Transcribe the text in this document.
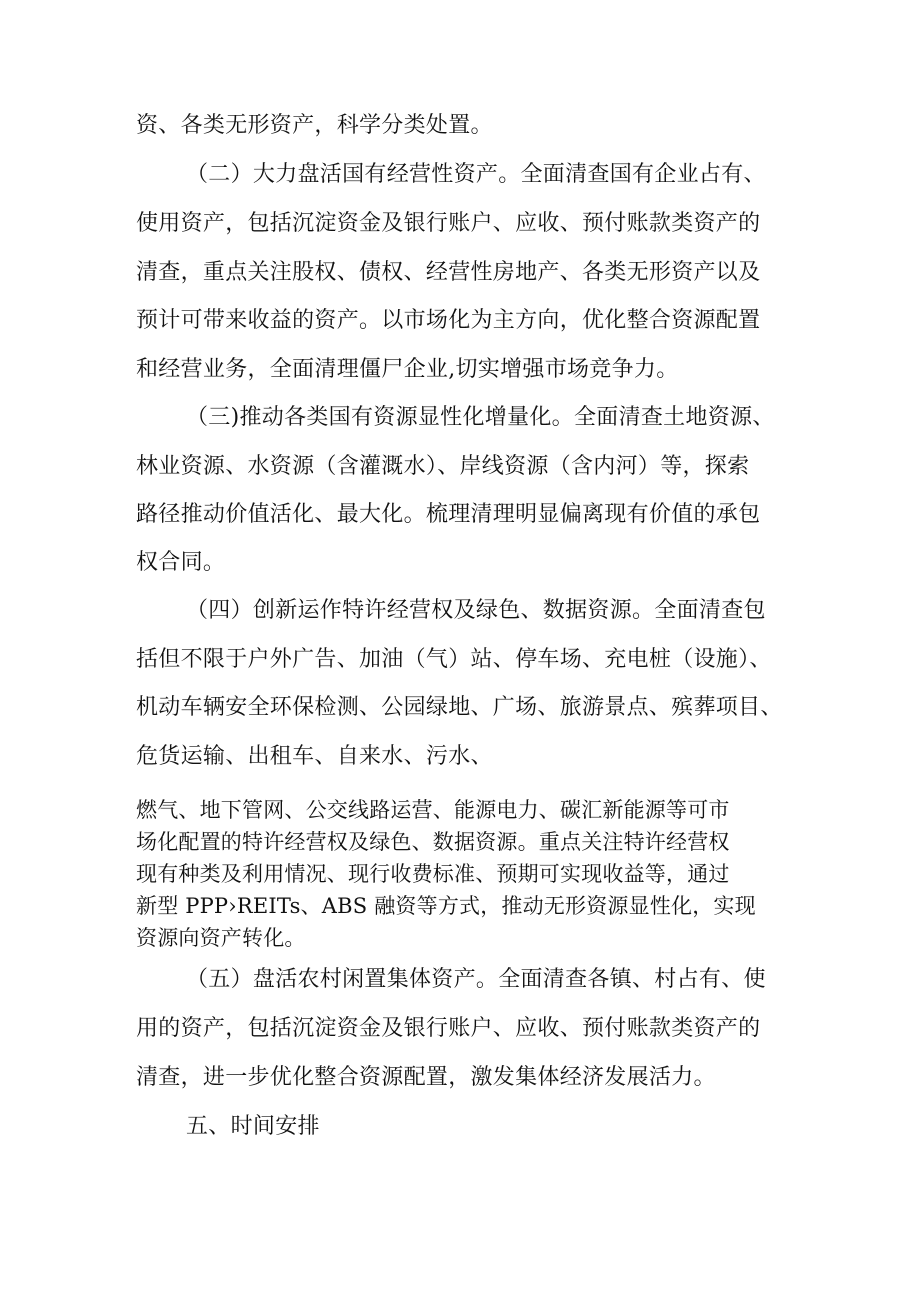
资、各类无形资产，科学分类处置。
（二）大力盘活国有经营性资产。全面清查国有企业占有、
使用资产，包括沉淀资金及银行账户、应收、预付账款类资产的
清查，重点关注股权、债权、经营性房地产、各类无形资产以及
预计可带来收益的资产。以市场化为主方向，优化整合资源配置
和经营业务，全面清理僵尸企业,切实增强市场竞争力。
（三)推动各类国有资源显性化增量化。全面清查土地资源、
林业资源、水资源（含灌溉水）、岸线资源（含内河）等，探索
路径推动价值活化、最大化。梳理清理明显偏离现有价值的承包
权合同。
（四）创新运作特许经营权及绿色、数据资源。全面清查包
括但不限于户外广告、加油（气）站、停车场、充电桩（设施）、
机动车辆安全环保检测、公园绿地、广场、旅游景点、殡葬项目、
危货运输、出租车、自来水、污水、
燃气、地下管网、公交线路运营、能源电力、碳汇新能源等可市
场化配置的特许经营权及绿色、数据资源。重点关注特许经营权
现有种类及利用情况、现行收费标准、预期可实现收益等，通过
新型 PPP›REITs、ABS 融资等方式，推动无形资源显性化，实现
资源向资产转化。
（五）盘活农村闲置集体资产。全面清查各镇、村占有、使
用的资产，包括沉淀资金及银行账户、应收、预付账款类资产的
清查，进一步优化整合资源配置，激发集体经济发展活力。
五、时间安排
